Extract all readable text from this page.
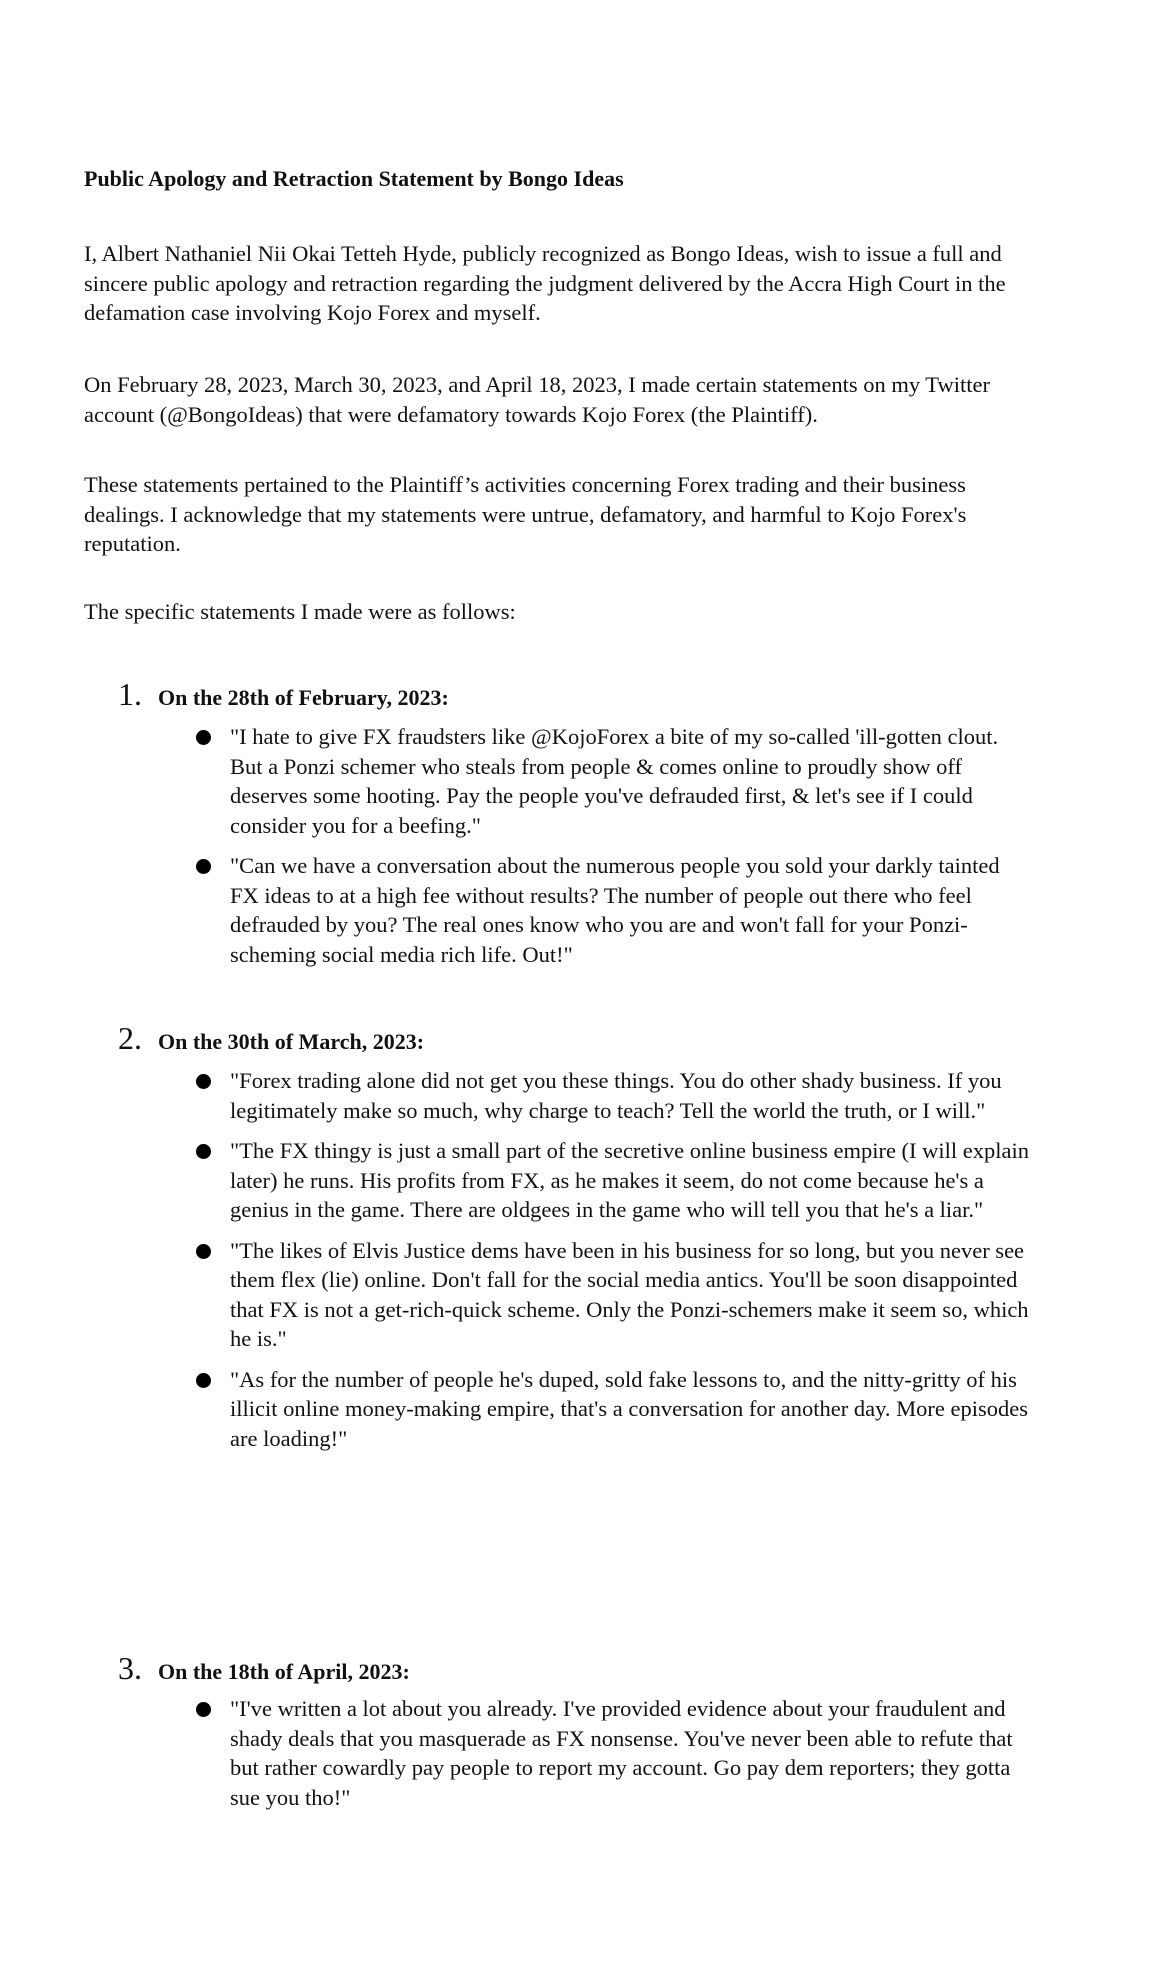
Public Apology and Retraction Statement by Bongo Ideas
I, Albert Nathaniel Nii Okai Tetteh Hyde, publicly recognized as Bongo Ideas, wish to issue a full and sincere public apology and retraction regarding the judgment delivered by the Accra High Court in the defamation case involving Kojo Forex and myself.
On February 28, 2023, March 30, 2023, and April 18, 2023, I made certain statements on my Twitter account (@BongoIdeas) that were defamatory towards Kojo Forex (the Plaintiff).
These statements pertained to the Plaintiff’s activities concerning Forex trading and their business dealings. I acknowledge that my statements were untrue, defamatory, and harmful to Kojo Forex's reputation.
The specific statements I made were as follows:
1. On the 28th of February, 2023:
"I hate to give FX fraudsters like @KojoForex a bite of my so-called 'ill-gotten clout. But a Ponzi schemer who steals from people & comes online to proudly show off deserves some hooting. Pay the people you've defrauded first, & let's see if I could consider you for a beefing."
"Can we have a conversation about the numerous people you sold your darkly tainted FX ideas to at a high fee without results? The number of people out there who feel defrauded by you? The real ones know who you are and won't fall for your Ponzi-scheming social media rich life. Out!"
2. On the 30th of March, 2023:
"Forex trading alone did not get you these things. You do other shady business. If you legitimately make so much, why charge to teach? Tell the world the truth, or I will."
"The FX thingy is just a small part of the secretive online business empire (I will explain later) he runs. His profits from FX, as he makes it seem, do not come because he's a genius in the game. There are oldgees in the game who will tell you that he's a liar."
"The likes of Elvis Justice dems have been in his business for so long, but you never see them flex (lie) online. Don't fall for the social media antics. You'll be soon disappointed that FX is not a get-rich-quick scheme. Only the Ponzi-schemers make it seem so, which he is."
"As for the number of people he's duped, sold fake lessons to, and the nitty-gritty of his illicit online money-making empire, that's a conversation for another day. More episodes are loading!"
3. On the 18th of April, 2023:
"I've written a lot about you already. I've provided evidence about your fraudulent and shady deals that you masquerade as FX nonsense. You've never been able to refute that but rather cowardly pay people to report my account. Go pay dem reporters; they gotta sue you tho!"
